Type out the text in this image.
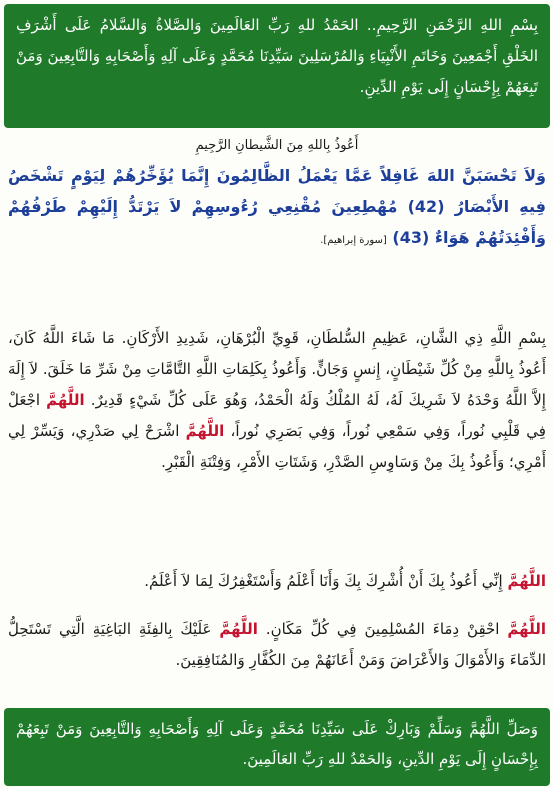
بِسْمِ اللهِ الرَّحْمَنِ الرَّحِيمِ.. الحَمْدُ للهِ رَبِّ العَالَمِينَ وَالصَّلاةُ وَالسَّلامُ عَلَى أَشْرَفِ الخَلْقِ أَجْمَعِينَ وَخَاتَمِ الأَنْبِيَاءِ وَالمُرْسَلِينَ سَيِّدِنَا مُحَمَّدٍ وَعَلَى آلِهِ وَأَصْحَابِهِ وَالتَّابِعِينَ وَمَنْ تَبِعَهُمْ بِإِحْسَانٍ إِلَى يَوْمِ الدِّينِ.
أَعُوذُ بِاللهِ مِنَ الشَّيطانِ الرَّجِيمِ
وَلاَ تَحْسَبَنَّ اللهَ غَافِلاً عَمَّا يَعْمَلُ الظَّالِمُونَ إِنَّمَا يُؤَخِّرُهُمْ لِيَوْمٍ تَشْخَصُ فِيهِ الأَبْصَارُ (42) مُهْطِعِينَ مُقْنِعِي رُءُوسِهِمْ لاَ يَرْتَدُّ إِلَيْهِمْ طَرْفُهُمْ وَأَفْئِدَتُهُمْ هَوَاءٌ (43) [سورة إبراهيم].
بِسْمِ اللَّهِ ذِي الشَّانِ، عَظِيمِ السُّلطَانِ، قَوِيِّ الْبُرْهَانِ، شَدِيدِ الأَرْكَانِ. مَا شَاءَ اللَّهُ كَانَ، أَعُوذُ بِاللَّهِ مِنْ كُلِّ شَيْطَانٍ، إِنسٍ وَجَانٍّ. وَأَعُوذُ بِكَلِمَاتِ اللَّهِ التَّامَّاتِ مِنْ شَرِّ مَا خَلَقَ. لاَ إِلَهَ إِلاَّ اللَّهُ وَحْدَهُ لاَ شَرِيكَ لَهُ، لَهُ المُلْكُ وَلَهُ الْحَمْدُ، وَهُوَ عَلَى كُلِّ شَيْءٍ قَدِيرٌ. اللَّهُمَّ اجْعَلْ فِي قَلْبِي نُوراً، وَفِي سَمْعِي نُوراً، وَفِي بَصَرِي نُوراً، اللَّهُمَّ اشْرَحْ لِي صَدْرِي، وَيَسِّرْ لِي أَمْرِي؛ وَأَعُوذُ بِكَ مِنْ وَسَاوِسِ الصَّدْرِ، وَشَتَاتِ الأَمْرِ، وَفِتْنَةِ الْقَبْرِ.
اللَّهُمَّ إِنِّي أَعُوذُ بِكَ أَنْ أُشْرِكَ بِكَ وَأَنَا أَعْلَمُ وَأَسْتَغْفِرُكَ لِمَا لاَ أَعْلَمُ.
اللَّهُمَّ احْقِنْ دِمَاءَ المُسْلِمِينَ فِي كُلِّ مَكَانٍ. اللَّهُمَّ عَلَيْكَ بِالفِئَةِ البَاغِيَةِ الَّتِي تَسْتَحِلُّ الدِّمَاءَ وَالأَمْوَالَ وَالأَعْرَاضَ وَمَنْ أَعَانَهُمْ مِنَ الكُفَّارِ وَالمُنَافِقِينَ.
وَصَلِّ اللَّهُمَّ وَسَلِّمْ وَبَارِكْ عَلَى سَيِّدِنَا مُحَمَّدٍ وَعَلَى آلِهِ وَأَصْحَابِهِ وَالتَّابِعِينَ وَمَنْ تَبِعَهُمْ بِإِحْسَانٍ إِلَى يَوْمِ الدِّينِ، وَالحَمْدُ للهِ رَبِّ العَالَمِينَ.
